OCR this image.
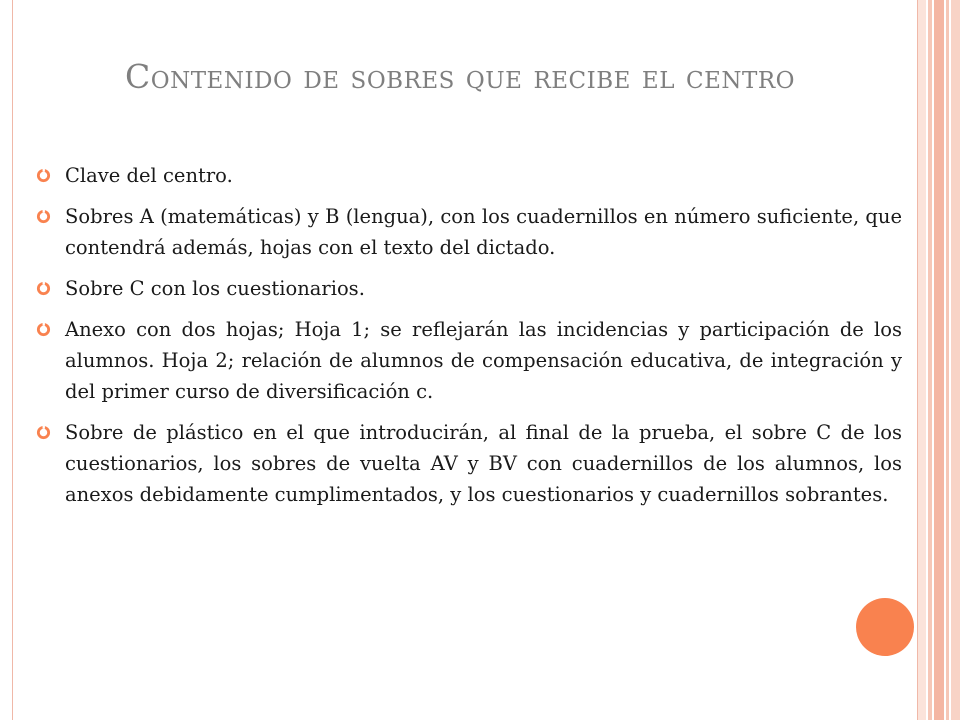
Contenido de sobres que recibe el centro
Clave del centro.
Sobres A (matemáticas) y B (lengua), con los cuadernillos en número suficiente, que contendrá además, hojas con el texto del dictado.
Sobre C con los cuestionarios.
Anexo con dos hojas; Hoja 1; se reflejarán las incidencias y participación de los alumnos. Hoja 2; relación de alumnos de compensación educativa, de integración y del primer curso de diversificación c.
Sobre de plástico en el que introducirán, al final de la prueba, el sobre C de los cuestionarios, los sobres de vuelta AV y BV con cuadernillos de los alumnos, los anexos debidamente cumplimentados, y los cuestionarios y cuadernillos sobrantes.
